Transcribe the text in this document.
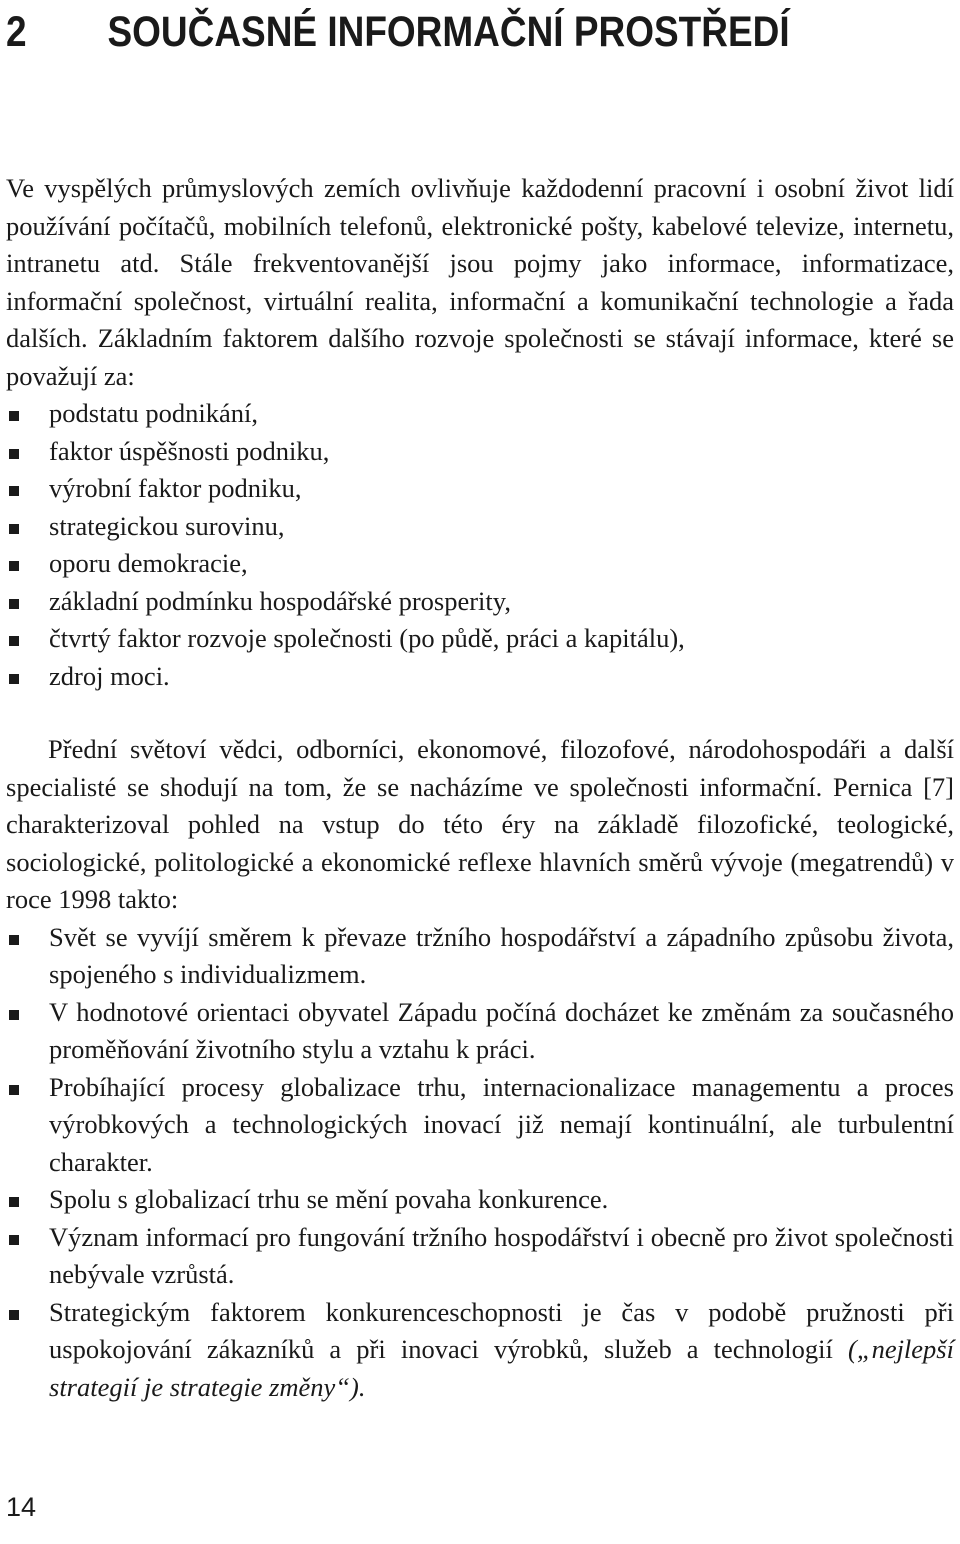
2 SOUČASNÉ INFORMAČNÍ PROSTŘEDÍ

Ve vyspělých průmyslových zemích ovlivňuje každodenní pracovní i osobní život lidí používání počítačů, mobilních telefonů, elektronické pošty, kabelové televize, internetu, intranetu atd. Stále frekventovanější jsou pojmy jako informace, informatizace, informační společnost, virtuální realita, informační a komunikační technologie a řada dalších. Základním faktorem dalšího rozvoje společnosti se stávají informace, které se považují za:

podstatu podnikání,
faktor úspěšnosti podniku,
výrobní faktor podniku,
strategickou surovinu,
oporu demokracie,
základní podmínku hospodářské prosperity,
čtvrtý faktor rozvoje společnosti (po půdě, práci a kapitálu),
zdroj moci.

Přední světoví vědci, odborníci, ekonomové, filozofové, národohospodáři a další specialisté se shodují na tom, že se nacházíme ve společnosti informační. Pernica [7] charakterizoval pohled na vstup do této éry na základě filozofické, teologické, sociologické, politologické a ekonomické reflexe hlavních směrů vývoje (megatrendů) v roce 1998 takto:

Svět se vyvíjí směrem k převaze tržního hospodářství a západního způsobu života, spojeného s individualizmem.
V hodnotové orientaci obyvatel Západu počíná docházet ke změnám za současného proměňování životního stylu a vztahu k práci.
Probíhající procesy globalizace trhu, internacionalizace managementu a proces výrobkových a technologických inovací již nemají kontinuální, ale turbulentní charakter.
Spolu s globalizací trhu se mění povaha konkurence.
Význam informací pro fungování tržního hospodářství i obecně pro život společnosti nebývale vzrůstá.
Strategickým faktorem konkurenceschopnosti je čas v podobě pružnosti při uspokojování zákazníků a při inovaci výrobků, služeb a technologií („nejlepší strategií je strategie změny“).
14
